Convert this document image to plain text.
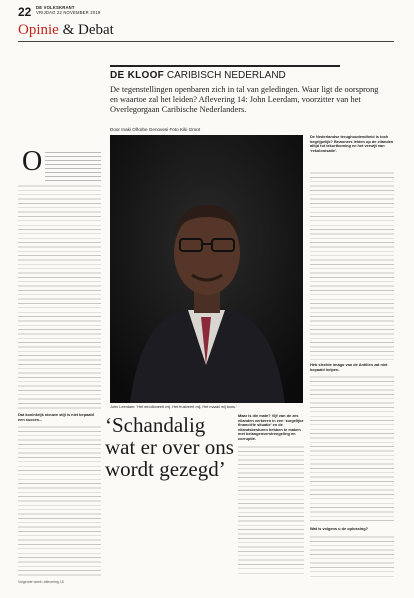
22 DE VOLKSKRANT
VRIJDAG 22 NOVEMBER 2019
Opinie & Debat
DE KLOOF CARIBISCH NEDERLAND
De tegenstellingen openbaren zich in tal van geledingen. Waar ligt de oorsprong en waartoe zal het leiden? Aflevering 14: John Leerdam, voorzitter van het Overlegorgaan Caribische Nederlanders.
Door Inaki Oñorbe Genovesi Foto Kiki Groot
O
Dat koninkrijk nieuwe stijl is niet bepaald een succes...
John Leerdam: ‘Het emotioneert mij. Het frustreert mij. Het maakt mij boos.’
‘Schandalig wat er over ons wordt gezegd’
Maar is die mate? Vijf van de zes eilanden verkeren in een ‘zorgelijke financiële situatie’ en de eilandsbesturen hebben te maken met belangenverstrengeling en corruptie.
De Nederlandse terughoudendheid is toch begrijpelijk? Bewoners leiden op de eilanden altijd tot tekortkoming en het verwijt van ‘rekolonisatie’.
Heb slechte imago van de Antillen zat niet bepaald helpen.
Wat is volgens u de oplossing?
Volgende week: aflevering 15
